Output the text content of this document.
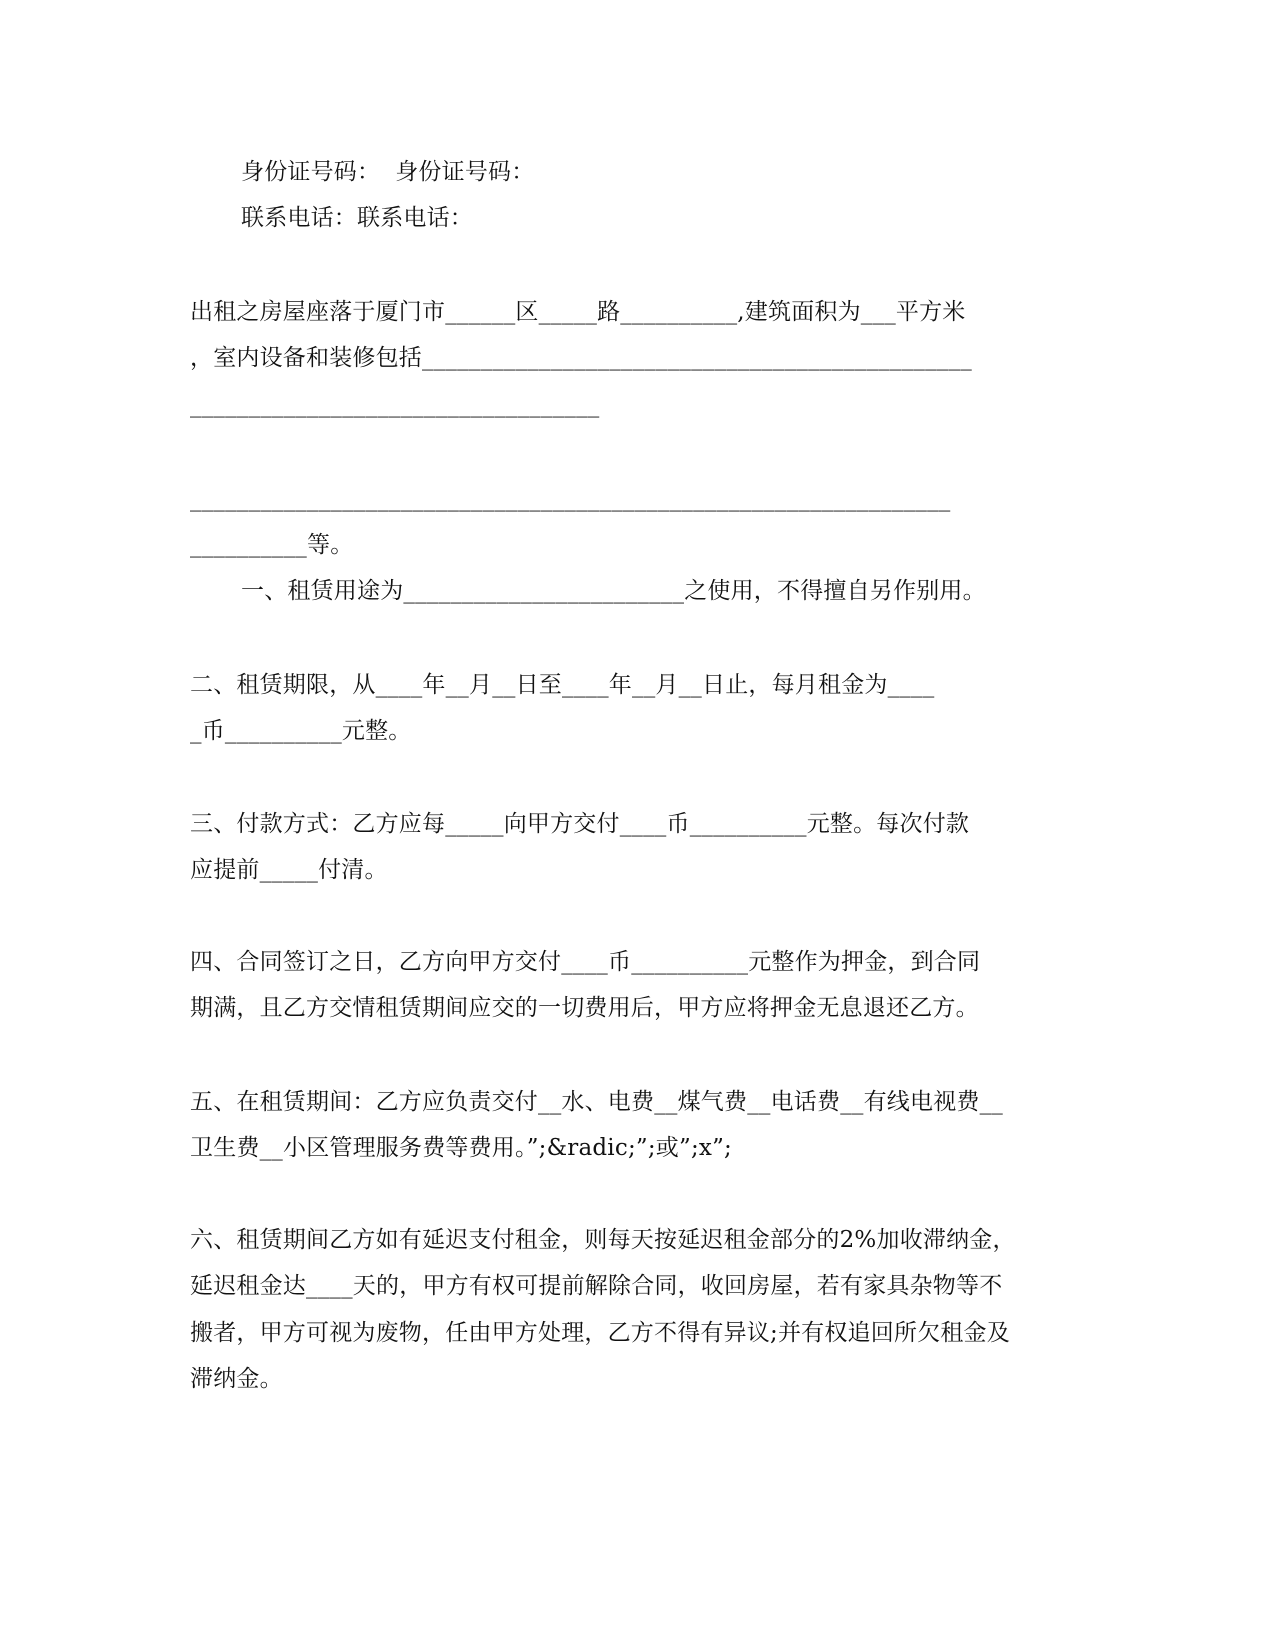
身份证号码：  身份证号码：
联系电话：联系电话：
出租之房屋座落于厦门市______区_____路__________,建筑面积为___平方米
，室内设备和装修包括_______________________________________________
___________________________________
_________________________________________________________________
__________等。
一、租赁用途为________________________之使用，不得擅自另作别用。
二、租赁期限，从____年__月__日至____年__月__日止，每月租金为____
_币__________元整。
三、付款方式：乙方应每_____向甲方交付____币__________元整。每次付款
应提前_____付清。
四、合同签订之日，乙方向甲方交付____币__________元整作为押金，到合同
期满，且乙方交情租赁期间应交的一切费用后，甲方应将押金无息退还乙方。
五、在租赁期间：乙方应负责交付__水、电费__煤气费__电话费__有线电视费__
卫生费__小区管理服务费等费用。”;&radic;”;或”;x”;
六、租赁期间乙方如有延迟支付租金，则每天按延迟租金部分的2%加收滞纳金，
延迟租金达____天的，甲方有权可提前解除合同，收回房屋，若有家具杂物等不
搬者，甲方可视为废物，任由甲方处理，乙方不得有异议;并有权追回所欠租金及
滞纳金。
